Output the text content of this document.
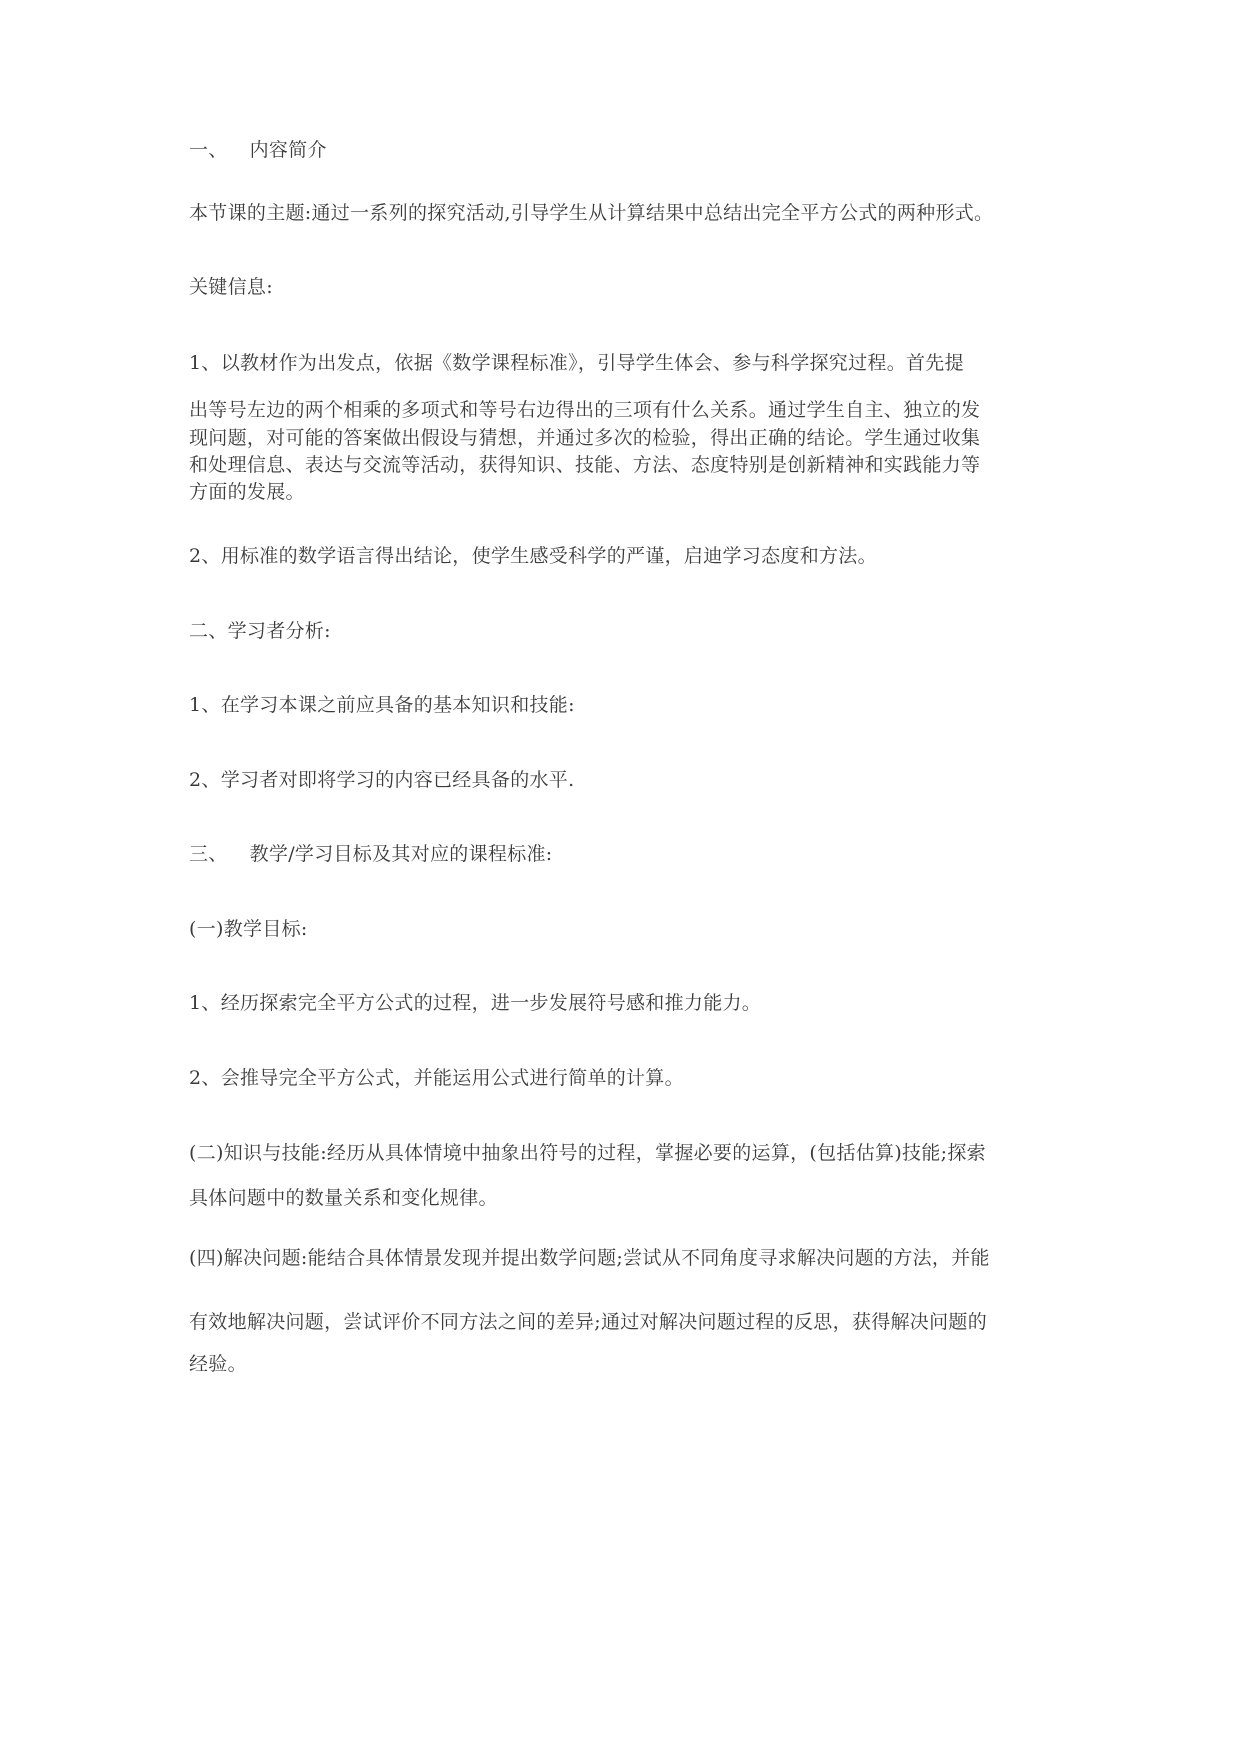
一、 内容简介
本节课的主题:通过一系列的探究活动,引导学生从计算结果中总结出完全平方公式的两种形式。
关键信息:
1、以教材作为出发点，依据《数学课程标准》，引导学生体会、参与科学探究过程。首先提
出等号左边的两个相乘的多项式和等号右边得出的三项有什么关系。通过学生自主、独立的发
现问题，对可能的答案做出假设与猜想，并通过多次的检验，得出正确的结论。学生通过收集
和处理信息、表达与交流等活动，获得知识、技能、方法、态度特别是创新精神和实践能力等
方面的发展。
2、用标准的数学语言得出结论，使学生感受科学的严谨，启迪学习态度和方法。
二、学习者分析:
1、在学习本课之前应具备的基本知识和技能:
2、学习者对即将学习的内容已经具备的水平.
三、 教学/学习目标及其对应的课程标准:
(一)教学目标:
1、经历探索完全平方公式的过程，进一步发展符号感和推力能力。
2、会推导完全平方公式，并能运用公式进行简单的计算。
(二)知识与技能:经历从具体情境中抽象出符号的过程，掌握必要的运算，(包括估算)技能;探索
具体问题中的数量关系和变化规律。
(四)解决问题:能结合具体情景发现并提出数学问题;尝试从不同角度寻求解决问题的方法，并能
有效地解决问题，尝试评价不同方法之间的差异;通过对解决问题过程的反思，获得解决问题的
经验。
